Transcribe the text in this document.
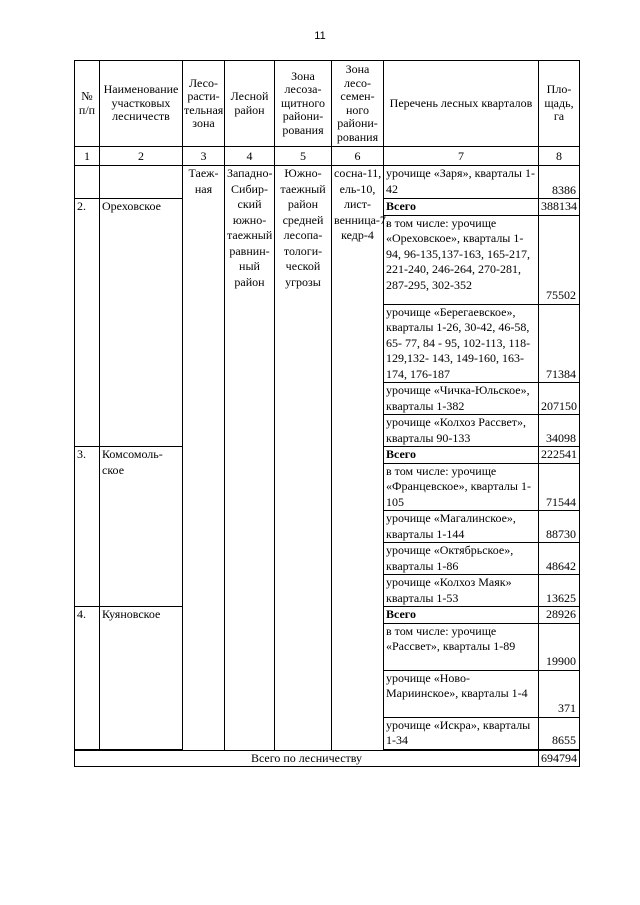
11
№ п/п	Наименование участковых лесничеств	Лесо-расти-тельная зона	Лесной район	Зона лесоза-щитного райони-рования	Зона лесо-семен-ного райони-рования	Перечень лесных кварталов	Пло-щадь, га
1	2	3	4	5	6	7	8
		Таеж-ная	Западно-Сибир-ский южно-таежный равнин-ный район	Южно-таежный район средней лесопа-тологи-ческой угрозы	сосна-11, ель-10, лист-венница-7, кедр-4	урочище «Заря», кварталы 1-42	8386
2.	Ореховское					Всего	388134
						в том числе: урочище «Ореховское», кварталы 1-94, 96-135,137-163, 165-217, 221-240, 246-264, 270-281, 287-295, 302-352	75502
						урочище «Берегаевское», кварталы 1-26, 30-42, 46-58, 65- 77, 84 - 95, 102-113, 118-129,132- 143, 149-160, 163-174, 176-187	71384
						урочище «Чичка-Юльское», кварталы 1-382	207150
						урочище «Колхоз Рассвет», кварталы 90-133	34098
3.	Комсомоль-ское					Всего	222541
						в том числе: урочище «Францевское», кварталы 1-105	71544
						урочище «Магалинское», кварталы 1-144	88730
						урочище «Октябрьское», кварталы 1-86	48642
						урочище «Колхоз Маяк» кварталы 1-53	13625
4.	Куяновское					Всего	28926
						в том числе: урочище «Рассвет», кварталы 1-89	19900
						урочище «Ново-Мариинское», кварталы 1-4	371
						урочище «Искра», кварталы 1-34	8655

Всего по лесничеству							694794
